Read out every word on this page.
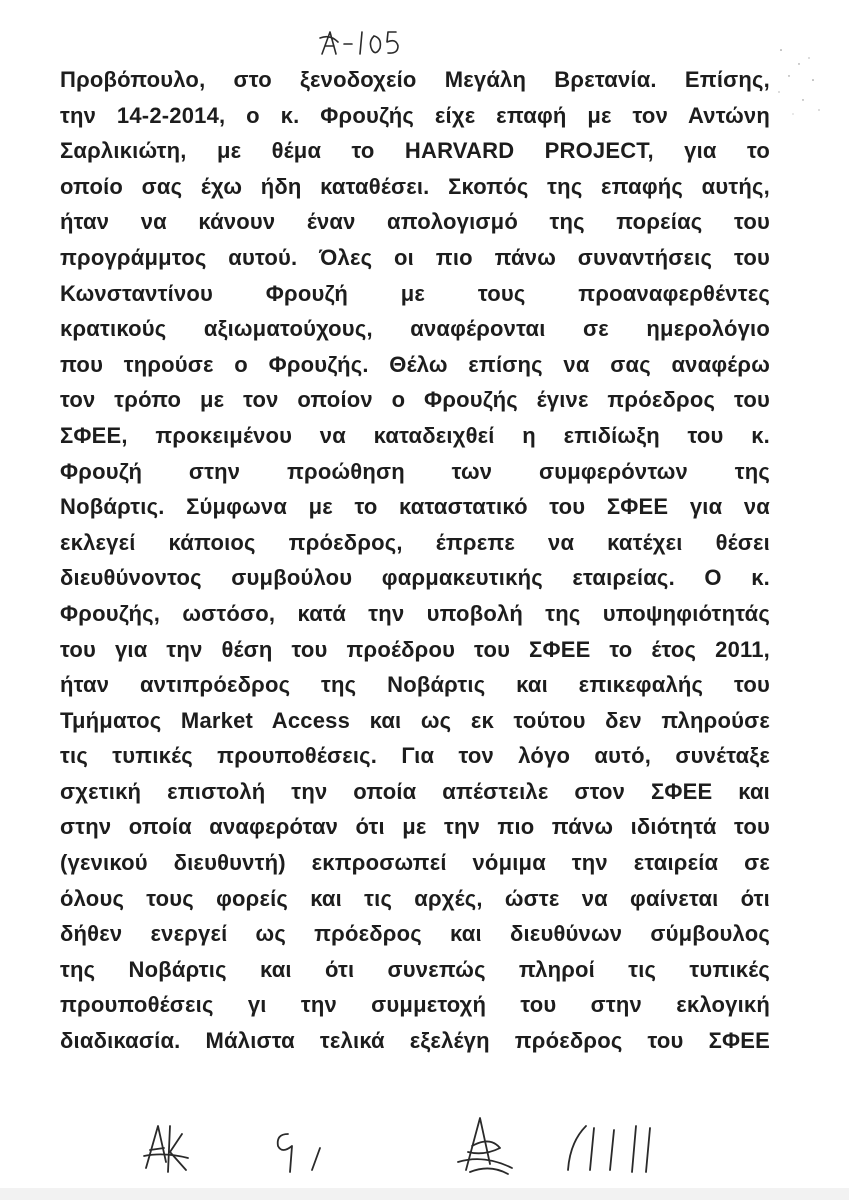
Προβόπουλο, στο ξενοδοχείο Μεγάλη Βρετανία. Επίσης,
την 14-2-2014, ο κ. Φρουζής είχε επαφή με τον Αντώνη
Σαρλικιώτη, με θέμα το HARVARD PROJECT, για το
οποίο σας έχω ήδη καταθέσει. Σκοπός της επαφής αυτής,
ήταν να κάνουν έναν απολογισμό της πορείας του
προγράμμτος αυτού. Όλες οι πιο πάνω συναντήσεις του
Κωνσταντίνου Φρουζή με τους προαναφερθέντες
κρατικούς αξιωματούχους, αναφέρονται σε ημερολόγιο
που τηρούσε ο Φρουζής. Θέλω επίσης να σας αναφέρω
τον τρόπο με τον οποίον ο Φρουζής έγινε πρόεδρος του
ΣΦΕΕ, προκειμένου να καταδειχθεί η επιδίωξη του κ.
Φρουζή στην προώθηση των συμφερόντων της
Νοβάρτις. Σύμφωνα με το καταστατικό του ΣΦΕΕ για να
εκλεγεί κάποιος πρόεδρος, έπρεπε να κατέχει θέσει
διευθύνοντος συμβούλου φαρμακευτικής εταιρείας. Ο κ.
Φρουζής, ωστόσο, κατά την υποβολή της υποψηφιότητάς
του για την θέση του προέδρου του ΣΦΕΕ το έτος 2011,
ήταν αντιπρόεδρος της Νοβάρτις και επικεφαλής του
Τμήματος Market Access και ως εκ τούτου δεν πληρούσε
τις τυπικές προυποθέσεις. Για τον λόγο αυτό, συνέταξε
σχετική επιστολή την οποία απέστειλε στον ΣΦΕΕ και
στην οποία αναφερόταν ότι με την πιο πάνω ιδιότητά του
(γενικού διευθυντή) εκπροσωπεί νόμιμα την εταιρεία σε
όλους τους φορείς και τις αρχές, ώστε να φαίνεται ότι
δήθεν ενεργεί ως πρόεδρος και διευθύνων σύμβουλος
της Νοβάρτις και ότι συνεπώς πληροί τις τυπικές
προυποθέσεις γι την συμμετοχή του στην εκλογική
διαδικασία. Μάλιστα τελικά εξελέγη πρόεδρος του ΣΦΕΕ
